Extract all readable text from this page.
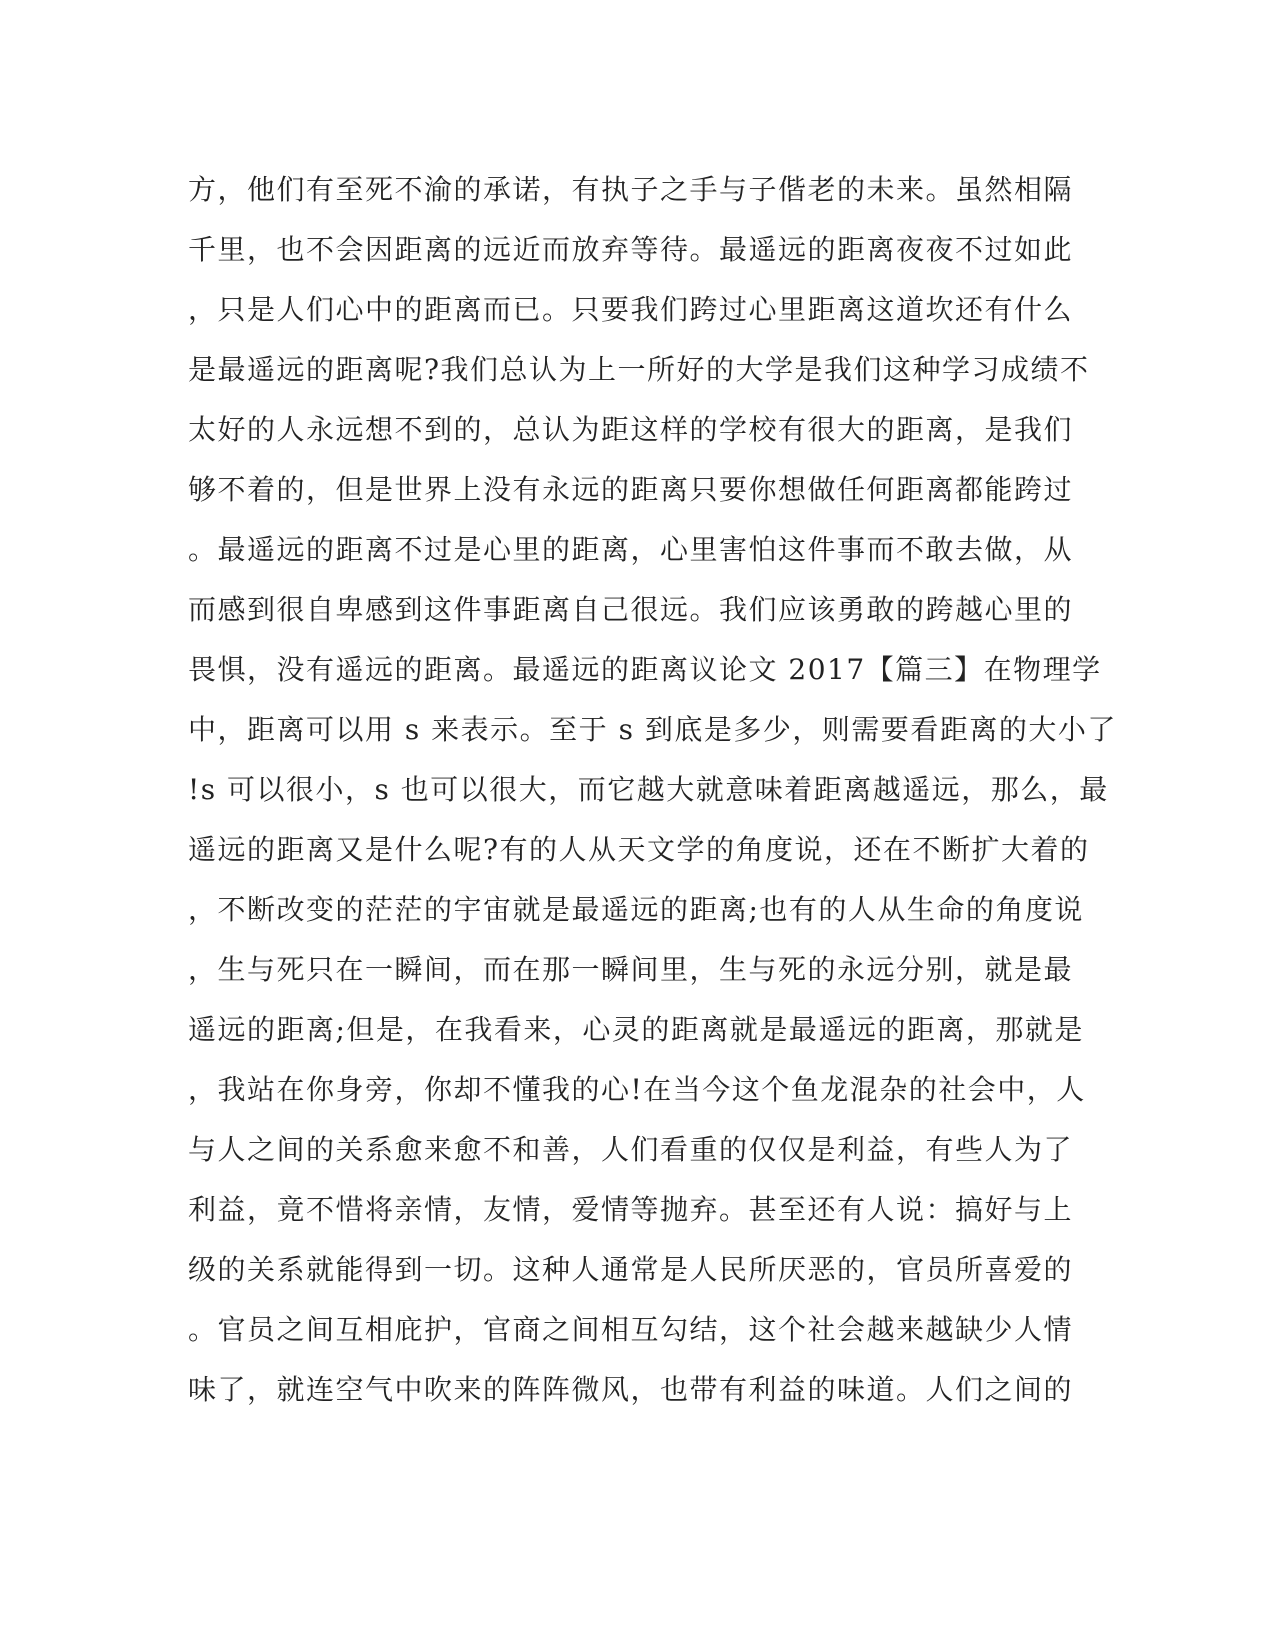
方，他们有至死不渝的承诺，有执子之手与子偕老的未来。虽然相隔
千里，也不会因距离的远近而放弃等待。最遥远的距离夜夜不过如此
，只是人们心中的距离而已。只要我们跨过心里距离这道坎还有什么
是最遥远的距离呢?我们总认为上一所好的大学是我们这种学习成绩不
太好的人永远想不到的，总认为距这样的学校有很大的距离，是我们
够不着的，但是世界上没有永远的距离只要你想做任何距离都能跨过
。最遥远的距离不过是心里的距离，心里害怕这件事而不敢去做，从
而感到很自卑感到这件事距离自己很远。我们应该勇敢的跨越心里的
畏惧，没有遥远的距离。最遥远的距离议论文 2017【篇三】在物理学
中，距离可以用 s 来表示。至于 s 到底是多少，则需要看距离的大小了
!s 可以很小，s 也可以很大，而它越大就意味着距离越遥远，那么，最
遥远的距离又是什么呢?有的人从天文学的角度说，还在不断扩大着的
，不断改变的茫茫的宇宙就是最遥远的距离;也有的人从生命的角度说
，生与死只在一瞬间，而在那一瞬间里，生与死的永远分别，就是最
遥远的距离;但是，在我看来，心灵的距离就是最遥远的距离，那就是
，我站在你身旁，你却不懂我的心!在当今这个鱼龙混杂的社会中，人
与人之间的关系愈来愈不和善，人们看重的仅仅是利益，有些人为了
利益，竟不惜将亲情，友情，爱情等抛弃。甚至还有人说：搞好与上
级的关系就能得到一切。这种人通常是人民所厌恶的，官员所喜爱的
。官员之间互相庇护，官商之间相互勾结，这个社会越来越缺少人情
味了，就连空气中吹来的阵阵微风，也带有利益的味道。人们之间的
